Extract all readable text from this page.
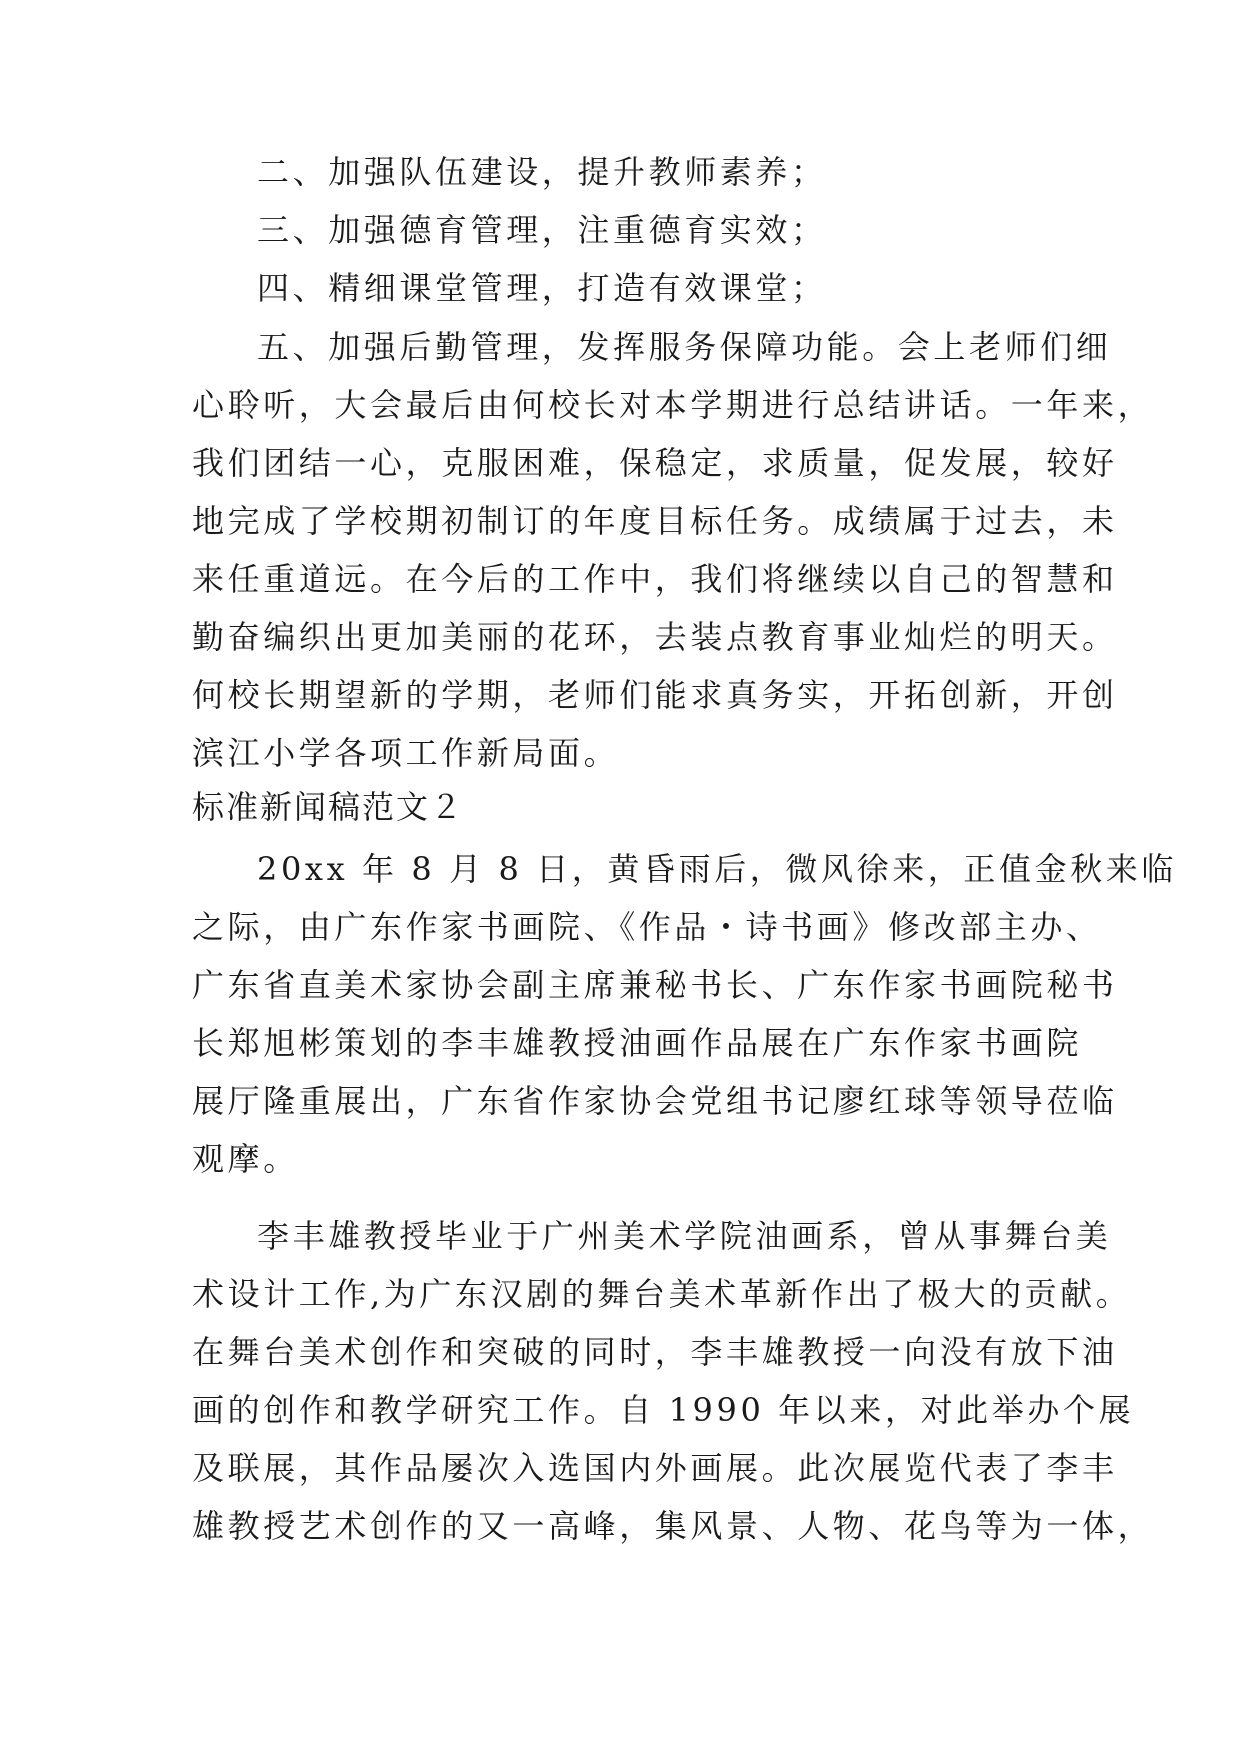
二、加强队伍建设，提升教师素养；
三、加强德育管理，注重德育实效；
四、精细课堂管理，打造有效课堂；
五、加强后勤管理，发挥服务保障功能。会上老师们细
心聆听，大会最后由何校长对本学期进行总结讲话。一年来，
我们团结一心，克服困难，保稳定，求质量，促发展，较好
地完成了学校期初制订的年度目标任务。成绩属于过去，未
来任重道远。在今后的工作中，我们将继续以自己的智慧和
勤奋编织出更加美丽的花环，去装点教育事业灿烂的明天。
何校长期望新的学期，老师们能求真务实，开拓创新，开创
滨江小学各项工作新局面。
标准新闻稿范文２
20xx 年 8 月 8 日，黄昏雨后，微风徐来，正值金秋来临
之际，由广东作家书画院、《作品・诗书画》修改部主办、
广东省直美术家协会副主席兼秘书长、广东作家书画院秘书
长郑旭彬策划的李丰雄教授油画作品展在广东作家书画院
展厅隆重展出，广东省作家协会党组书记廖红球等领导莅临
观摩。
李丰雄教授毕业于广州美术学院油画系，曾从事舞台美
术设计工作,为广东汉剧的舞台美术革新作出了极大的贡献。
在舞台美术创作和突破的同时，李丰雄教授一向没有放下油
画的创作和教学研究工作。自 1990 年以来，对此举办个展
及联展，其作品屡次入选国内外画展。此次展览代表了李丰
雄教授艺术创作的又一高峰，集风景、人物、花鸟等为一体，
